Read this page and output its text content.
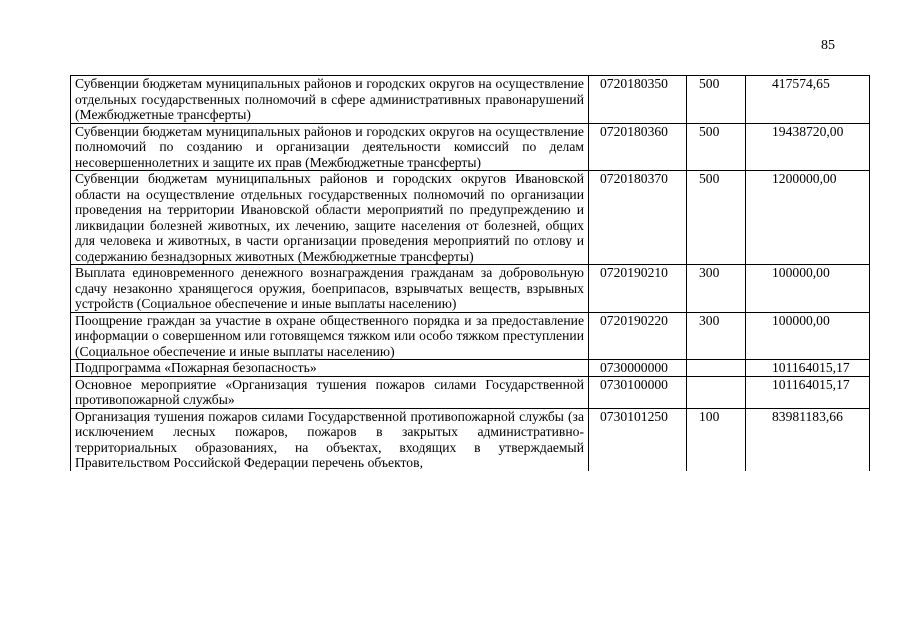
85
Субвенции бюджетам муниципальных районов и городских округов на осуществление отдельных государственных полномочий в сфере административных правонарушений (Межбюджетные трансферты)	0720180350	500	417574,65
Субвенции бюджетам муниципальных районов и городских округов на осуществление полномочий по созданию и организации деятельности комиссий по делам несовершеннолетних и защите их прав (Межбюджетные трансферты)	0720180360	500	19438720,00
Субвенции бюджетам муниципальных районов и городских округов Ивановской области на осуществление отдельных государственных полномочий по организации проведения на территории Ивановской области мероприятий по предупреждению и ликвидации болезней животных, их лечению, защите населения от болезней, общих для человека и животных, в части организации проведения мероприятий по отлову и содержанию безнадзорных животных (Межбюджетные трансферты)	0720180370	500	1200000,00
Выплата единовременного денежного вознаграждения гражданам за добровольную сдачу незаконно хранящегося оружия, боеприпасов, взрывчатых веществ, взрывных устройств (Социальное обеспечение и иные выплаты населению)	0720190210	300	100000,00
Поощрение граждан за участие в охране общественного порядка и за предоставление информации о совершенном или готовящемся тяжком или особо тяжком преступлении (Социальное обеспечение и иные выплаты населению)	0720190220	300	100000,00
Подпрограмма «Пожарная безопасность»	0730000000		101164015,17
Основное мероприятие «Организация тушения пожаров силами Государственной противопожарной службы»	0730100000		101164015,17
Организация тушения пожаров силами Государственной противопожарной службы (за исключением лесных пожаров, пожаров в закрытых административно-территориальных образованиях, на объектах, входящих в утверждаемый Правительством Российской Федерации перечень объектов,	0730101250	100	83981183,66
